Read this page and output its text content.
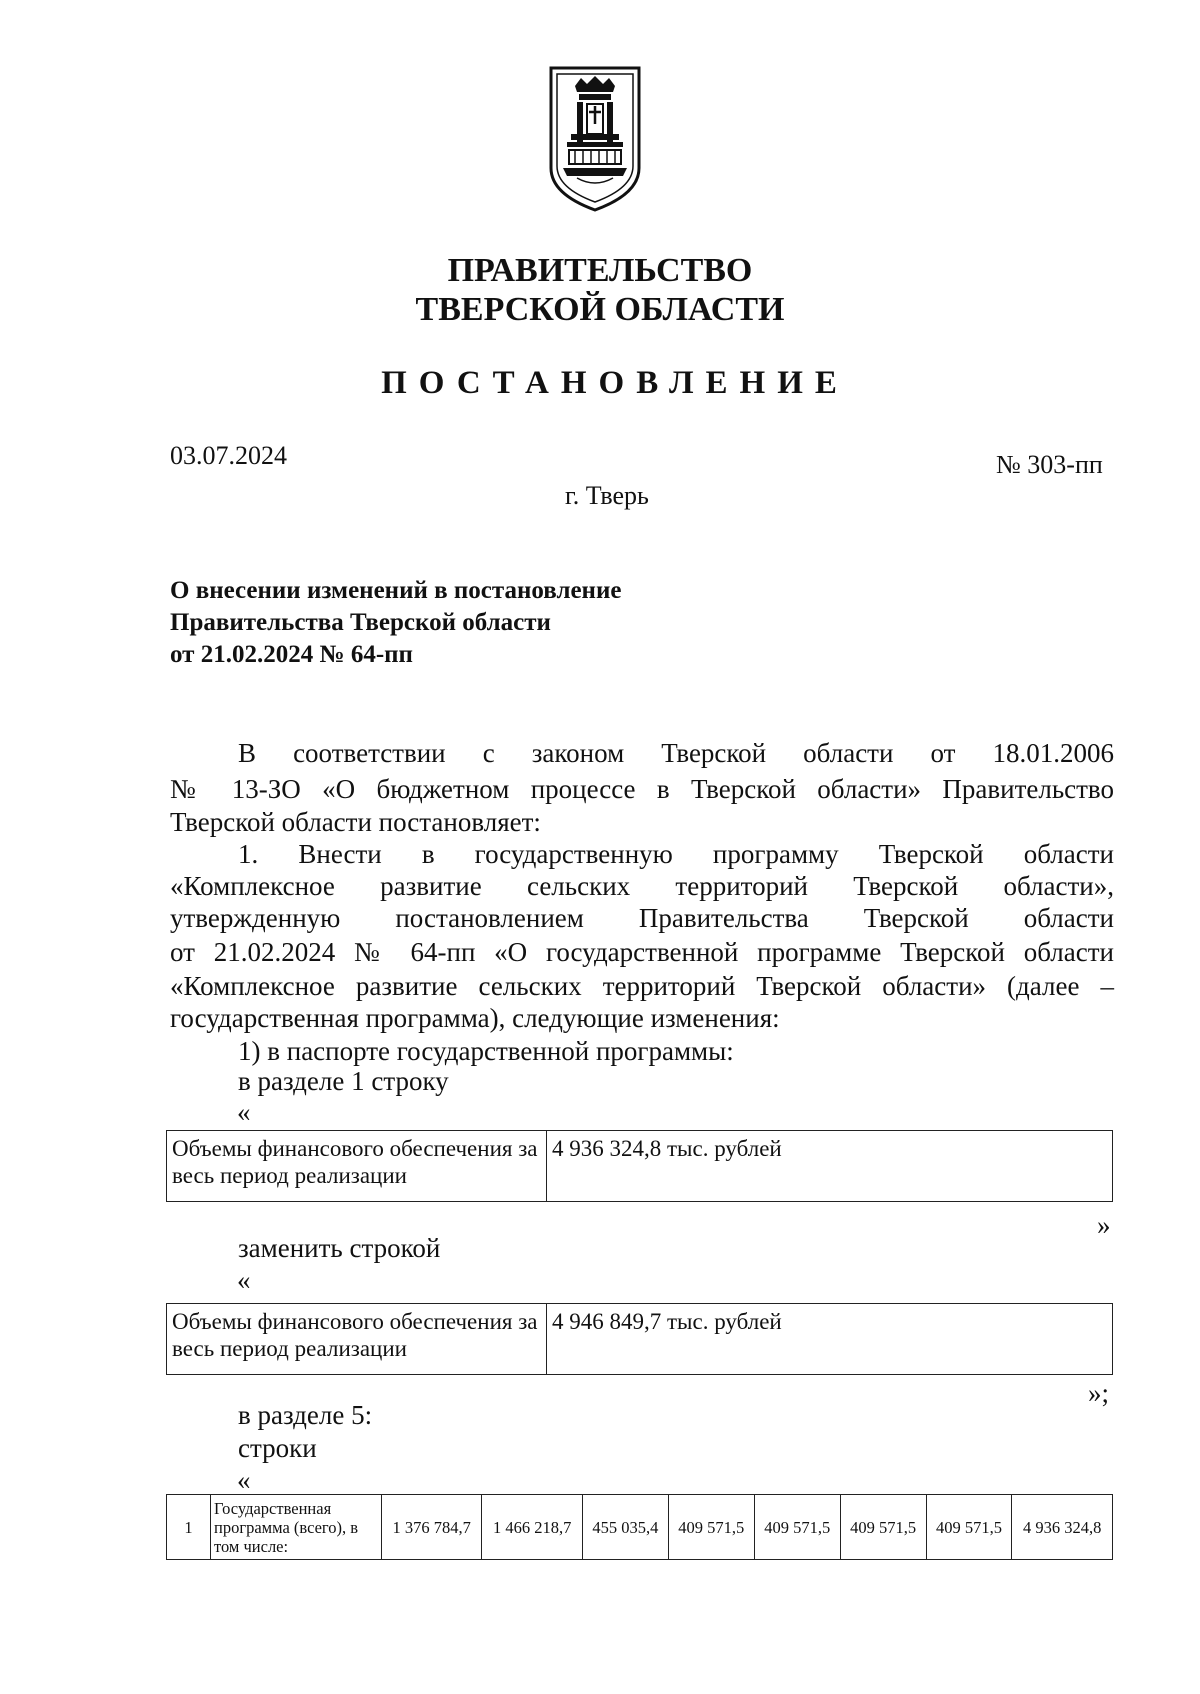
ПРАВИТЕЛЬСТВО
ТВЕРСКОЙ ОБЛАСТИ
ПОСТАНОВЛЕНИЕ
03.07.2024	№ 303-пп
г. Тверь
О внесении изменений в постановление
Правительства Тверской области
от 21.02.2024 № 64-пп
В соответствии с законом Тверской области от 18.01.2006
№ 13-ЗО «О бюджетном процессе в Тверской области» Правительство
Тверской области постановляет:
1. Внести в государственную программу Тверской области
«Комплексное развитие сельских территорий Тверской области»,
утвержденную постановлением Правительства Тверской области
от 21.02.2024 № 64-пп «О государственной программе Тверской области
«Комплексное развитие сельских территорий Тверской области» (далее –
государственная программа), следующие изменения:
1) в паспорте государственной программы:
в разделе 1 строку
«
Объемы финансового обеспечения за весь период реализации	4 936 324,8 тыс. рублей
»
заменить строкой
«
Объемы финансового обеспечения за весь период реализации	4 946 849,7 тыс. рублей
»;
в разделе 5:
строки
«
1	Государственная программа (всего), в том числе:	1 376 784,7	1 466 218,7	455 035,4	409 571,5	409 571,5	409 571,5	409 571,5	4 936 324,8
